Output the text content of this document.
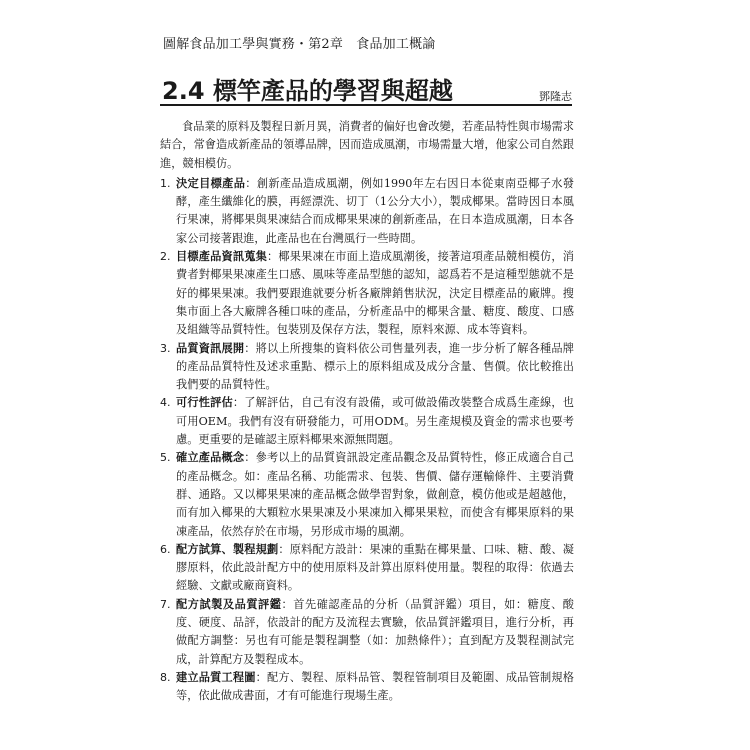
圖解食品加工學與實務・第2章　食品加工概論
2.4 標竿產品的學習與超越	鄧隆志

食品業的原料及製程日新月異，消費者的偏好也會改變，若產品特性與市場需求結合，常會造成新產品的領導品牌，因而造成風潮，市場需量大增，他家公司自然跟進，競相模仿。

1. 決定目標產品：創新產品造成風潮，例如1990年左右因日本從東南亞椰子水發酵，產生纖維化的膜，再經漂洗、切丁（1公分大小），製成椰果。當時因日本風行果凍，將椰果與果凍結合而成椰果果凍的創新產品，在日本造成風潮，日本各家公司接著跟進，此產品也在台灣風行一些時間。
2. 目標產品資訊蒐集：椰果果凍在市面上造成風潮後，接著這項產品競相模仿，消費者對椰果果凍產生口感、風味等產品型態的認知，認爲若不是這種型態就不是好的椰果果凍。我們要跟進就要分析各廠牌銷售狀況，決定目標產品的廠牌。搜集市面上各大廠牌各種口味的產品，分析產品中的椰果含量、糖度、酸度、口感及組織等品質特性。包裝別及保存方法，製程，原料來源、成本等資料。
3. 品質資訊展開：將以上所搜集的資料依公司售量列表，進一步分析了解各種品牌的產品品質特性及述求重點、標示上的原料組成及成分含量、售價。依比較推出我們要的品質特性。
4. 可行性評估：了解評估，自己有沒有設備，或可做設備改裝整合成爲生產線，也可用OEM。我們有沒有研發能力，可用ODM。另生產規模及資金的需求也要考慮。更重要的是確認主原料椰果來源無問題。
5. 確立產品概念：參考以上的品質資訊設定產品觀念及品質特性，修正成適合自己的產品概念。如：產品名稱、功能需求、包裝、售價、儲存運輸條件、主要消費群、通路。又以椰果果凍的產品概念做學習對象，做創意，模仿他或是超越他，而有加入椰果的大顆粒水果果凍及小果凍加入椰果果粒，而使含有椰果原料的果凍產品，依然存於在市場，另形成市場的風潮。
6. 配方試算、製程規劃：原料配方設計：果凍的重點在椰果量、口味、糖、酸、凝膠原料，依此設計配方中的使用原料及計算出原料使用量。製程的取得：依過去經驗、文獻或廠商資料。
7. 配方試製及品質評鑑：首先確認產品的分析（品質評鑑）項目，如：糖度、酸度、硬度、品評，依設計的配方及流程去實驗，依品質評鑑項目，進行分析，再做配方調整：另也有可能是製程調整（如：加熱條件）；直到配方及製程測試完成，計算配方及製程成本。
8. 建立品質工程圖：配方、製程、原料品管、製程管制項目及範圍、成品管制規格等，依此做成書面，才有可能進行現場生產。
